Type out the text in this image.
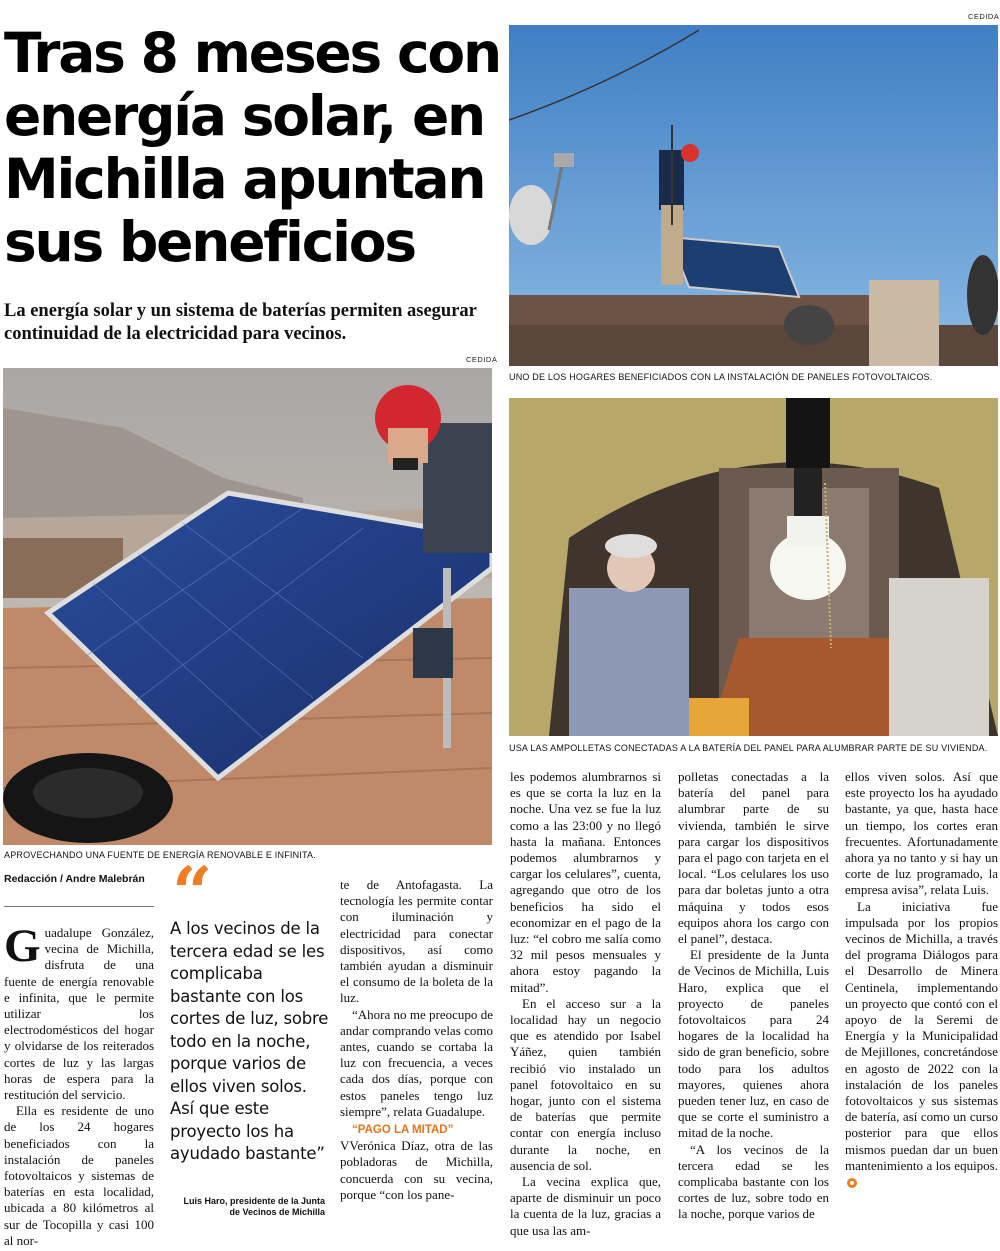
Tras 8 meses con energía solar, en Michilla apuntan sus beneficios

La energía solar y un sistema de baterías permiten asegurar continuidad de la electricidad para vecinos.

CEDIDA
UNO DE LOS HOGARES BENEFICIADOS CON LA INSTALACIÓN DE PANELES FOTOVOLTAICOS.
CEDIDA
APROVECHANDO UNA FUENTE DE ENERGÍA RENOVABLE E INFINITA.
USA LAS AMPOLLETAS CONECTADAS A LA BATERÍA DEL PANEL PARA ALUMBRAR PARTE DE SU VIVIENDA.
Redacción / Andre Malebrán

Guadalupe González, vecina de Michilla, disfruta de una fuente de energía renovable e infinita, que le permite utilizar los electrodomésticos del hogar y olvidarse de los reiterados cortes de luz y las largas horas de espera para la restitución del servicio.

Ella es residente de uno de los 24 hogares beneficiados con la instalación de paneles fotovoltaicos y sistemas de baterías en esta localidad, ubicada a 80 kilómetros al sur de Tocopilla y casi 100 al nor-

“
A los vecinos de la tercera edad se les complicaba bastante con los cortes de luz, sobre todo en la noche, porque varios de ellos viven solos. Así que este proyecto los ha ayudado bastante”
Luis Haro, presidente de la Junta
de Vecinos de Michilla

te de Antofagasta. La tecnología les permite contar con iluminación y electricidad para conectar dispositivos, así como también ayudan a disminuir el consumo de la boleta de la luz.

“Ahora no me preocupo de andar comprando velas como antes, cuando se cortaba la luz con frecuencia, a veces cada dos días, porque con estos paneles tengo luz siempre”, relata Guadalupe.

“PAGO LA MITAD”

VVerónica Díaz, otra de las pobladoras de Michilla, concuerda con su vecina, porque “con los pane-

les podemos alumbrarnos si es que se corta la luz en la noche. Una vez se fue la luz como a las 23:00 y no llegó hasta la mañana. Entonces podemos alumbrarnos y cargar los celulares”, cuenta, agregando que otro de los beneficios ha sido el economizar en el pago de la luz: “el cobro me salía como 32 mil pesos mensuales y ahora estoy pagando la mitad”.

En el acceso sur a la localidad hay un negocio que es atendido por Isabel Yáñez, quien también recibió vio instalado un panel fotovoltaico en su hogar, junto con el sistema de baterías que permite contar con energía incluso durante la noche, en ausencia de sol.

La vecina explica que, aparte de disminuir un poco la cuenta de la luz, gracias a que usa las am-

polletas conectadas a la batería del panel para alumbrar parte de su vivienda, también le sirve para cargar los dispositivos para el pago con tarjeta en el local. “Los celulares los uso para dar boletas junto a otra máquina y todos esos equipos ahora los cargo con el panel”, destaca.

El presidente de la Junta de Vecinos de Michilla, Luis Haro, explica que el proyecto de paneles fotovoltaicos para 24 hogares de la localidad ha sido de gran beneficio, sobre todo para los adultos mayores, quienes ahora pueden tener luz, en caso de que se corte el suministro a mitad de la noche.

“A los vecinos de la tercera edad se les complicaba bastante con los cortes de luz, sobre todo en la noche, porque varios de

ellos viven solos. Así que este proyecto los ha ayudado bastante, ya que, hasta hace un tiempo, los cortes eran frecuentes. Afortunadamente ahora ya no tanto y si hay un corte de luz programado, la empresa avisa”, relata Luis.

La iniciativa fue impulsada por los propios vecinos de Michilla, a través del programa Diálogos para el Desarrollo de Minera Centinela, implementando un proyecto que contó con el apoyo de la Seremi de Energía y la Municipalidad de Mejillones, concretándose en agosto de 2022 con la instalación de los paneles fotovoltaicos y sus sistemas de batería, así como un curso posterior para que ellos mismos puedan dar un buen mantenimiento a los equipos.
